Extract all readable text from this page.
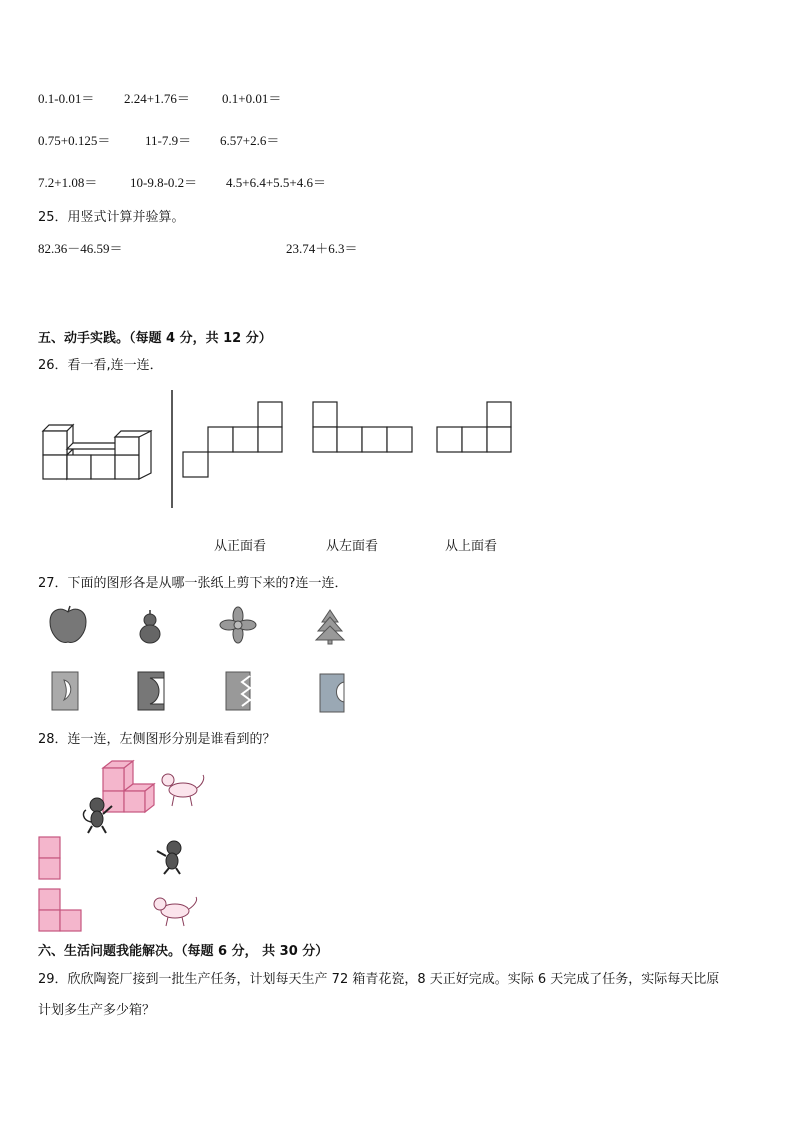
0.1-0.01＝ 2.24+1.76＝ 0.1+0.01＝
0.75+0.125＝	11-7.9＝ 6.57+2.6＝
7.2+1.08＝	10-9.8-0.2＝ 4.5+6.4+5.5+4.6＝
25．用竖式计算并验算。
82.36－46.59＝	23.74＋6.3＝
五、动手实践。（每题 4 分，共 12 分）
26．看一看,连一连．
从正面看	从左面看	从上面看
27．下面的图形各是从哪一张纸上剪下来的?连一连．
28．连一连，左侧图形分别是谁看到的？
六、生活问题我能解决。（每题 6 分， 共 30 分）
29．欣欣陶瓷厂接到一批生产任务，计划每天生产 72 箱青花瓷，8 天正好完成。实际 6 天完成了任务，实际每天比原
计划多生产多少箱？
